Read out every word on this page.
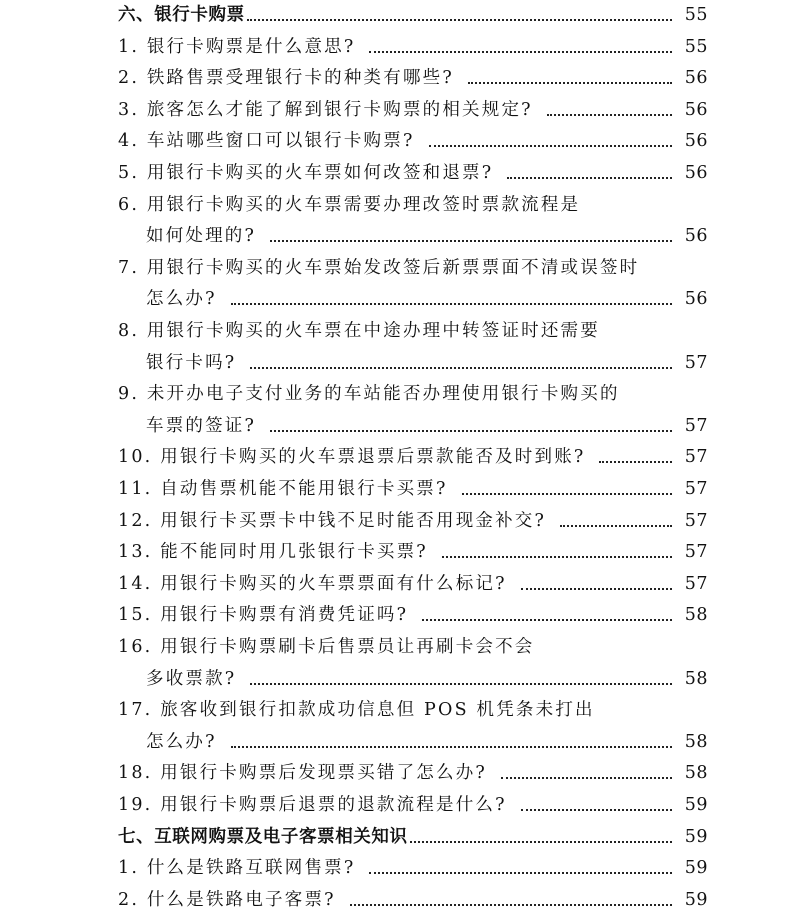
六、银行卡购票	55
1. 银行卡购票是什么意思?	55
2. 铁路售票受理银行卡的种类有哪些?	56
3. 旅客怎么才能了解到银行卡购票的相关规定?	56
4. 车站哪些窗口可以银行卡购票?	56
5. 用银行卡购买的火车票如何改签和退票?	56
6. 用银行卡购买的火车票需要办理改签时票款流程是
如何处理的?	56
7. 用银行卡购买的火车票始发改签后新票票面不清或误签时
怎么办?	56
8. 用银行卡购买的火车票在中途办理中转签证时还需要
银行卡吗?	57
9. 未开办电子支付业务的车站能否办理使用银行卡购买的
车票的签证?	57
10. 用银行卡购买的火车票退票后票款能否及时到账?	57
11. 自动售票机能不能用银行卡买票?	57
12. 用银行卡买票卡中钱不足时能否用现金补交?	57
13. 能不能同时用几张银行卡买票?	57
14. 用银行卡购买的火车票票面有什么标记?	57
15. 用银行卡购票有消费凭证吗?	58
16. 用银行卡购票刷卡后售票员让再刷卡会不会
多收票款?	58
17. 旅客收到银行扣款成功信息但 POS 机凭条未打出
怎么办?	58
18. 用银行卡购票后发现票买错了怎么办?	58
19. 用银行卡购票后退票的退款流程是什么?	59
七、互联网购票及电子客票相关知识	59
1. 什么是铁路互联网售票?	59
2. 什么是铁路电子客票?	59
